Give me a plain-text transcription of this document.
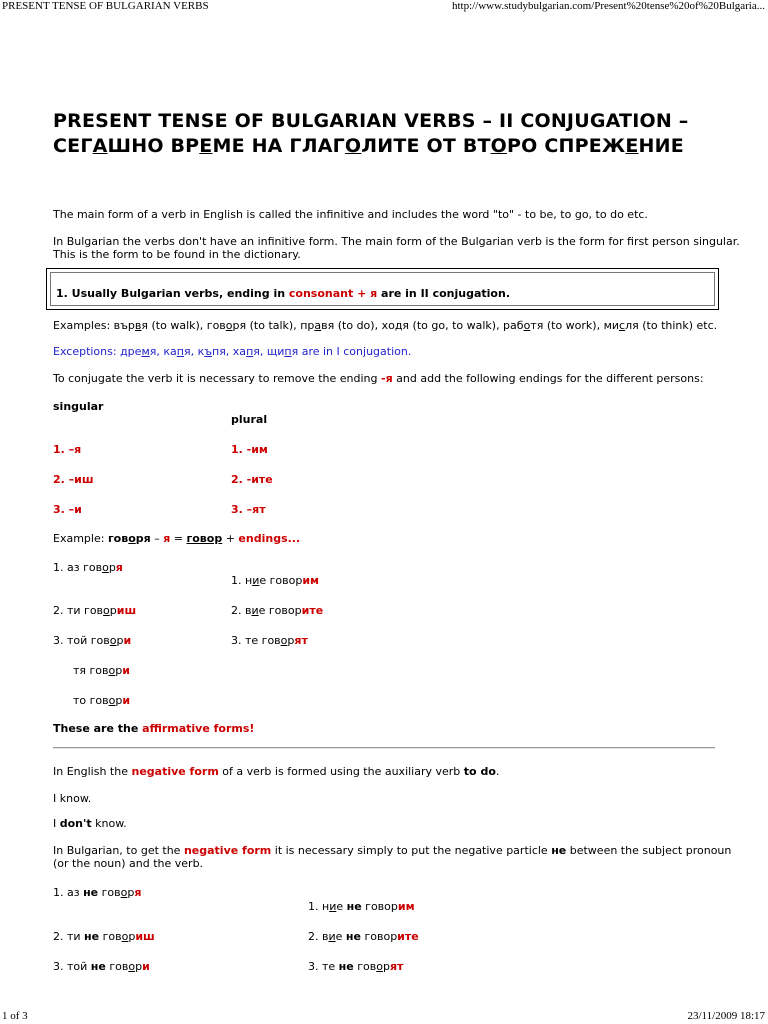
PRESENT TENSE OF BULGARIAN VERBS	http://www.studybulgarian.com/Present%20tense%20of%20Bulgaria...
PRESENT TENSE OF BULGARIAN VERBS – II CONJUGATION –
СЕГАШНО ВРЕМЕ НА ГЛАГОЛИТЕ ОТ ВТОРО СПРЕЖЕНИЕ
The main form of a verb in English is called the infinitive and includes the word "to" - to be, to go, to do etc.
In Bulgarian the verbs don't have an infinitive form. The main form of the Bulgarian verb is the form for first person singular.
This is the form to be found in the dictionary.
1. Usually Bulgarian verbs, ending in consonant + я are in II conjugation.
Examples: вървя (to walk), говоря (to talk), правя (to do), ходя (to go, to walk), работя (to work), мисля (to think) etc.
Exceptions: дремя, капя, къпя, хапя, щипя are in I conjugation.
To conjugate the verb it is necessary to remove the ending -я and add the following endings for the different persons:
singular
plural
1. –я
2. –иш
3. –и
1. -им
2. -ите
3. –ят
Example: говоря – я = говор + endings...
1. аз говоря
2. ти говориш
3. той говори
тя говори
то говори
1. ние говорим
2. вие говорите
3. те говорят
These are the affirmative forms!
In English the negative form of a verb is formed using the auxiliary verb to do.
I know.
I don't know.
In Bulgarian, to get the negative form it is necessary simply to put the negative particle не between the subject pronoun
(or the noun) and the verb.
1. аз не говоря
2. ти не говориш
3. той не говори
1. ние не говорим
2. вие не говорите
3. те не говорят
1 of 3	23/11/2009 18:17
